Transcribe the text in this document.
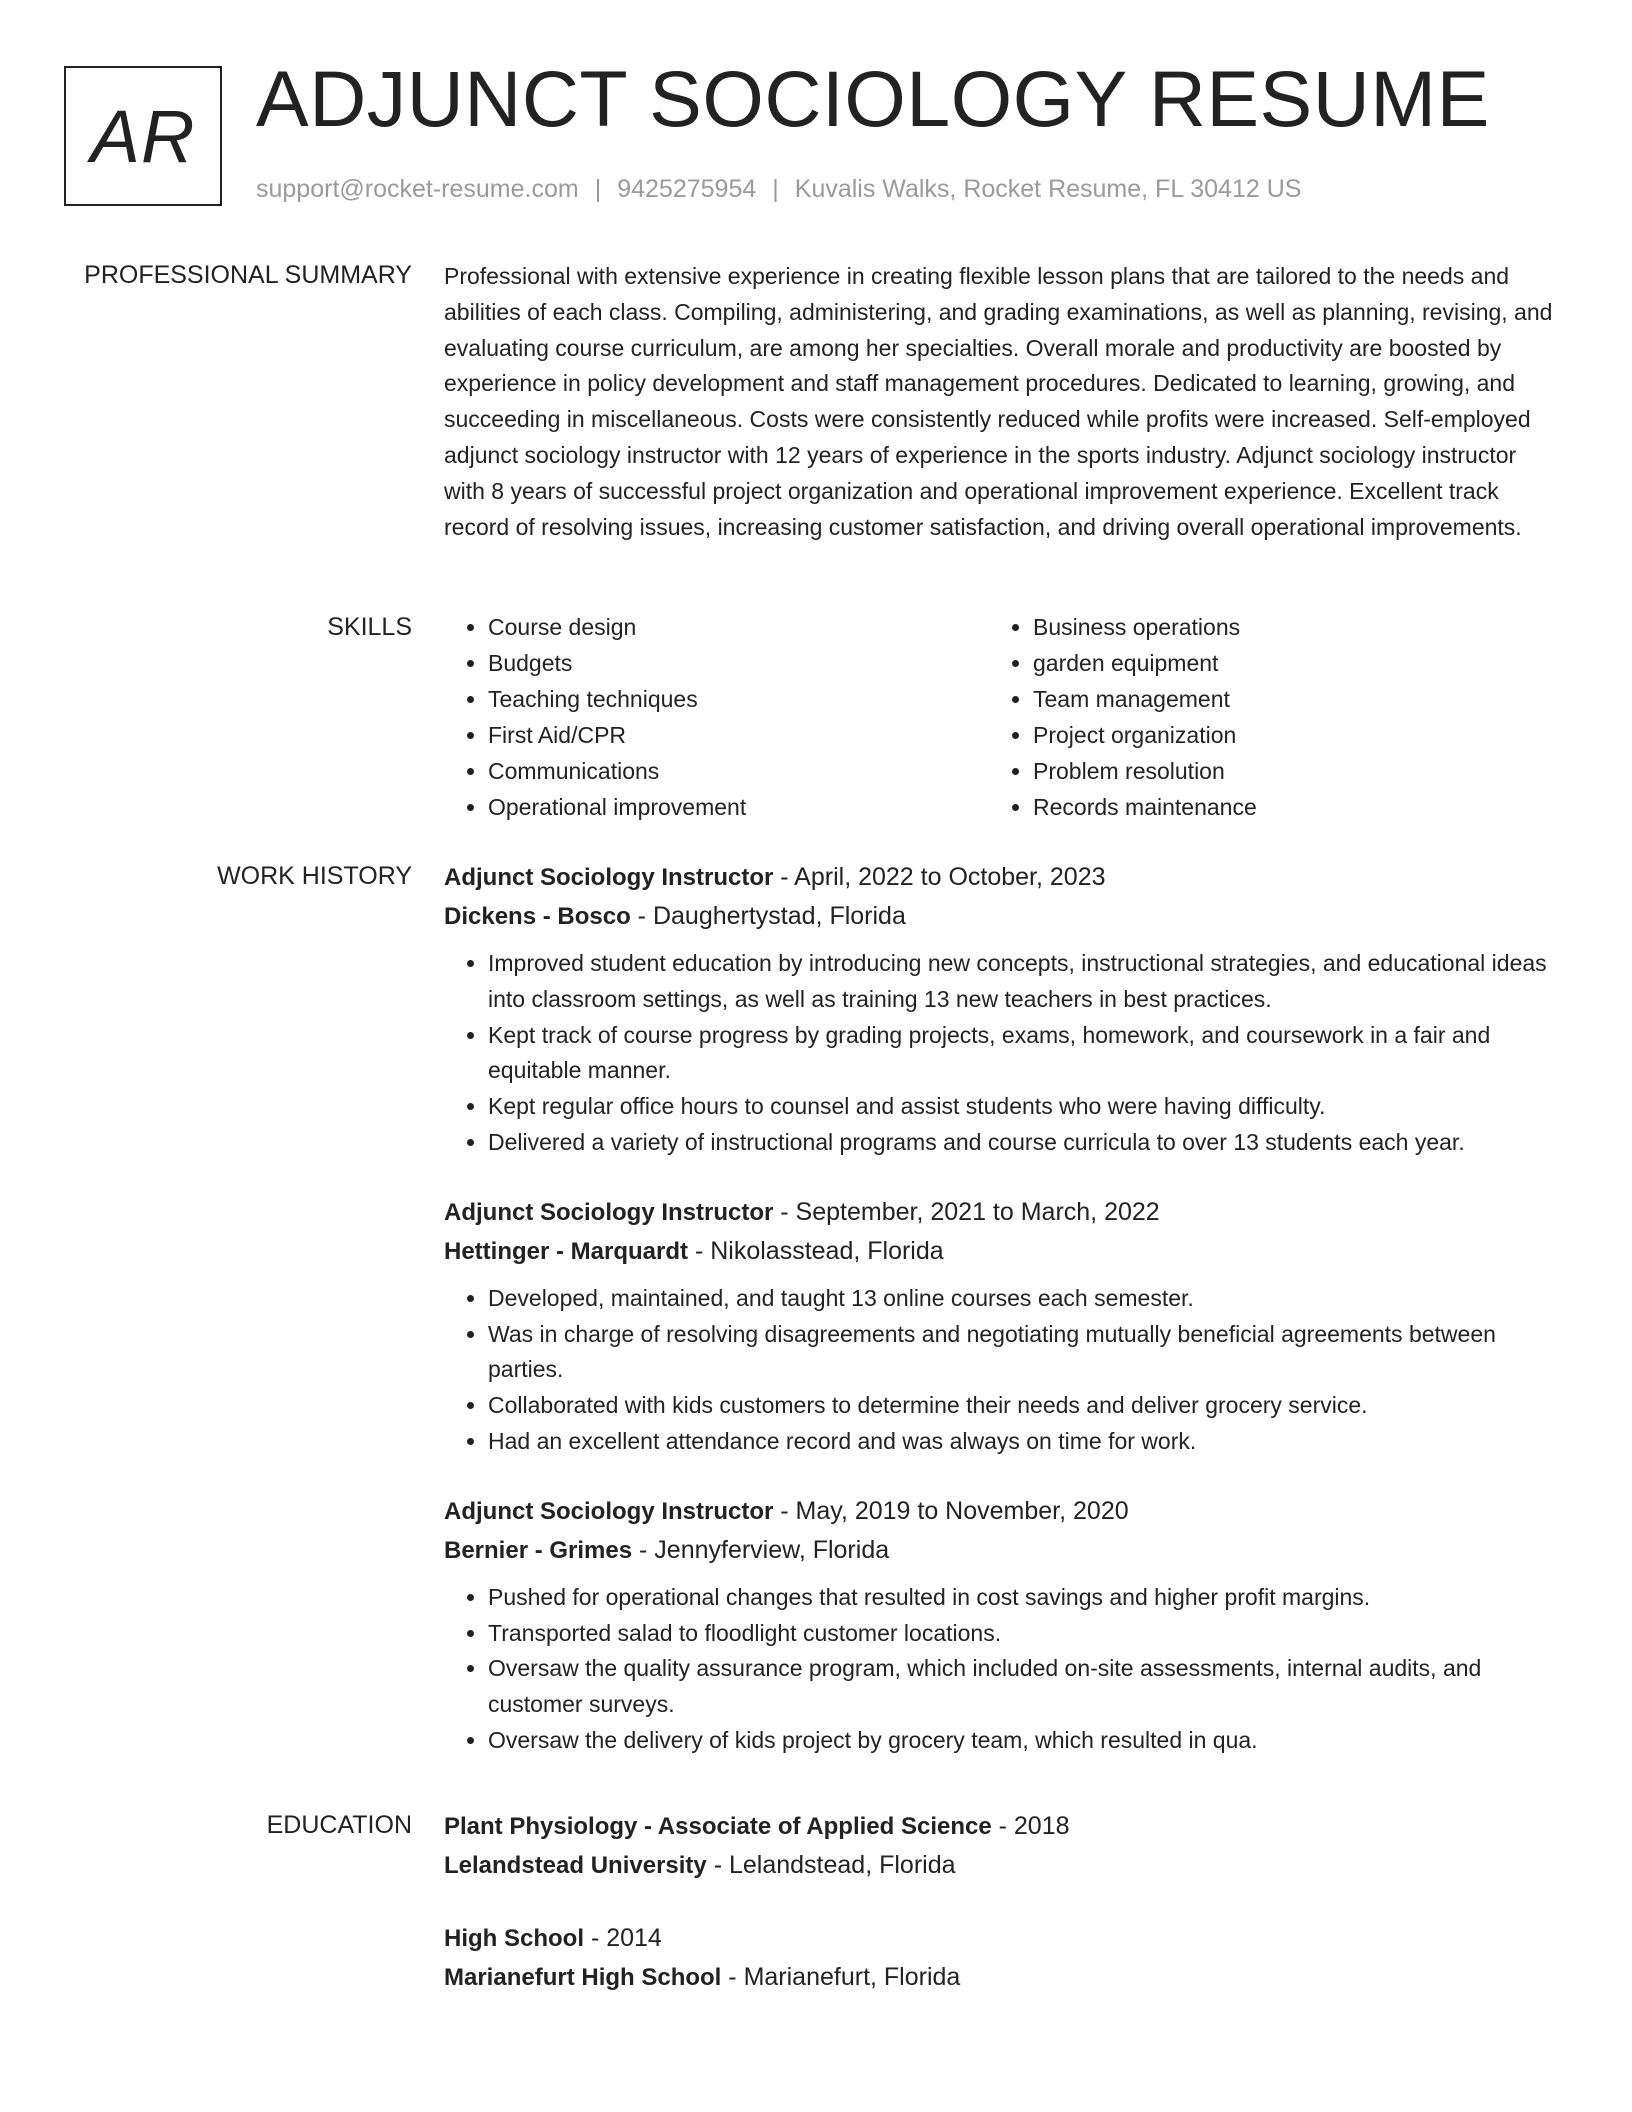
AR ADJUNCT SOCIOLOGY RESUME
support@rocket-resume.com | 9425275954 | Kuvalis Walks, Rocket Resume, FL 30412 US
PROFESSIONAL SUMMARY Professional with extensive experience in creating flexible lesson plans that are tailored to the needs and abilities of each class. Compiling, administering, and grading examinations, as well as planning, revising, and evaluating course curriculum, are among her specialties. Overall morale and productivity are boosted by experience in policy development and staff management procedures. Dedicated to learning, growing, and succeeding in miscellaneous. Costs were consistently reduced while profits were increased. Self-employed adjunct sociology instructor with 12 years of experience in the sports industry. Adjunct sociology instructor with 8 years of successful project organization and operational improvement experience. Excellent track record of resolving issues, increasing customer satisfaction, and driving overall operational improvements.

SKILLS
•	Course design
• Budgets
• Teaching techniques
• First Aid/CPR
• Communications
• Operational improvement
• Business operations
• garden equipment
• Team management
• Project organization
• Problem resolution
• Records maintenance
WORK HISTORY Adjunct Sociology Instructor - April, 2022 to October, 2023
Dickens - Bosco - Daughertystad, Florida
• Improved student education by introducing new concepts, instructional strategies, and educational ideas into classroom settings, as well as training 13 new teachers in best practices.
• Kept track of course progress by grading projects, exams, homework, and coursework in a fair and equitable manner.
• Kept regular office hours to counsel and assist students who were having difficulty.
• Delivered a variety of instructional programs and course curricula to over 13 students each year.
Adjunct Sociology Instructor - September, 2021 to March, 2022
Hettinger - Marquardt - Nikolasstead, Florida
• Developed, maintained, and taught 13 online courses each semester.
• Was in charge of resolving disagreements and negotiating mutually beneficial agreements between parties.
• Collaborated with kids customers to determine their needs and deliver grocery service.
• Had an excellent attendance record and was always on time for work.
Adjunct Sociology Instructor - May, 2019 to November, 2020
Bernier - Grimes - Jennyferview, Florida
• Pushed for operational changes that resulted in cost savings and higher profit margins.
• Transported salad to floodlight customer locations.
• Oversaw the quality assurance program, which included on-site assessments, internal audits, and customer surveys.
• Oversaw the delivery of kids project by grocery team, which resulted in qua.
EDUCATION Plant Physiology - Associate of Applied Science - 2018
Lelandstead University - Lelandstead, Florida
High School - 2014
Marianefurt High School - Marianefurt, Florida
